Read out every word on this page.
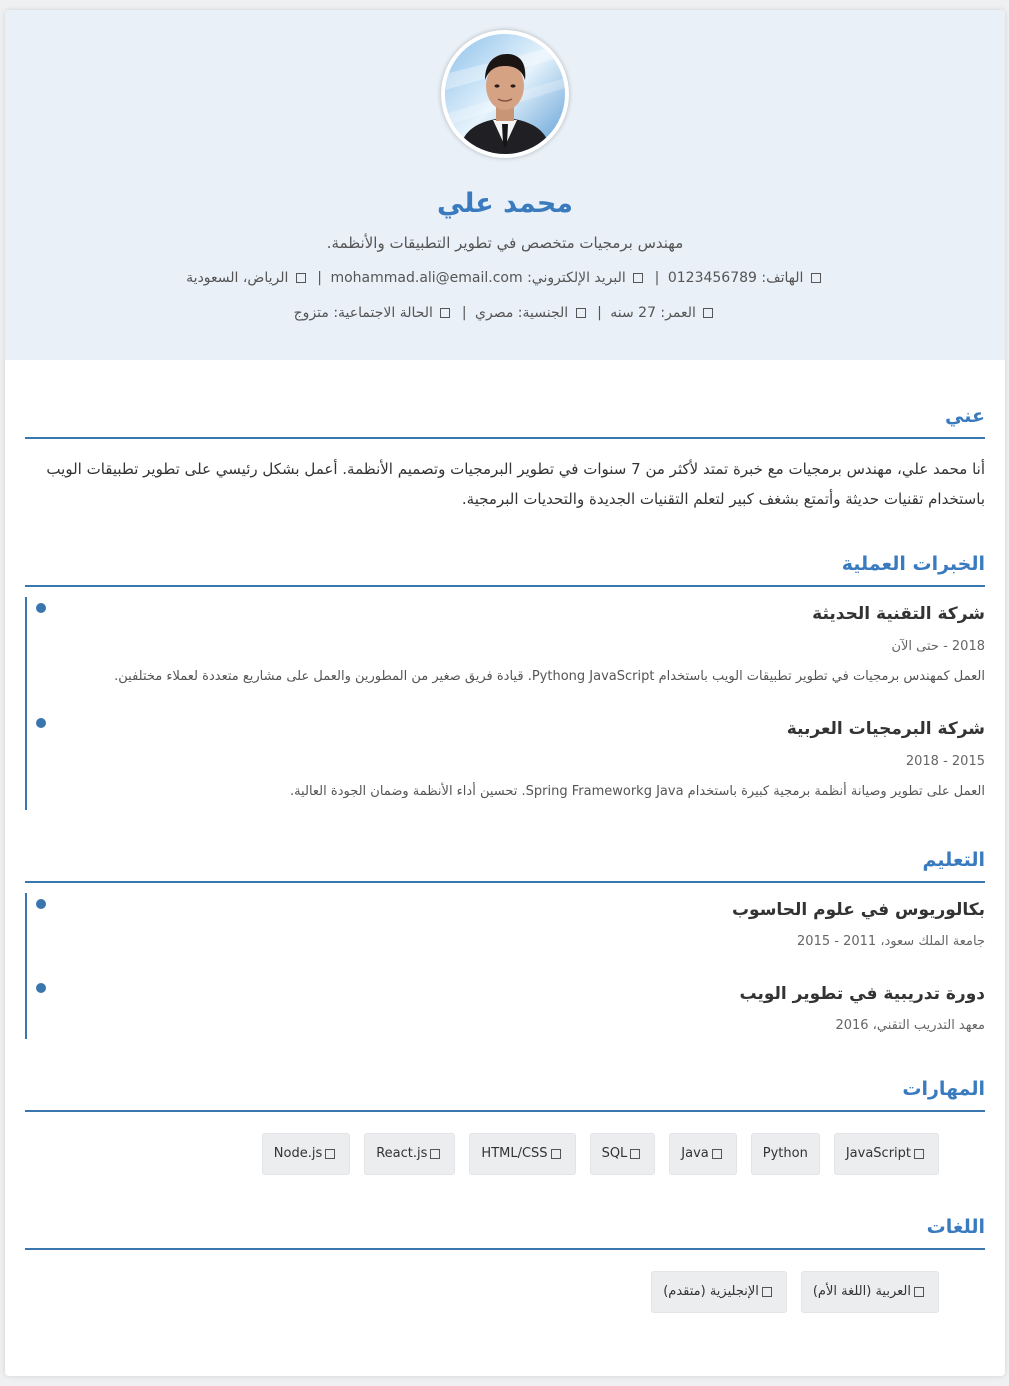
محمد علي
مهندس برمجيات متخصص في تطوير التطبيقات والأنظمة.
الهاتف: 0123456789 |  البريد الإلكتروني: mohammad.ali@email.com |  الرياض، السعودية
العمر: 27 سنه |  الجنسية: مصري |  الحالة الاجتماعية: متزوج
عني
أنا محمد علي، مهندس برمجيات مع خبرة تمتد لأكثر من 7 سنوات في تطوير البرمجيات وتصميم الأنظمة. أعمل بشكل رئيسي على تطوير تطبيقات الويب باستخدام تقنيات حديثة وأتمتع بشغف كبير لتعلم التقنيات الجديدة والتحديات البرمجية.
الخبرات العملية
شركة التقنية الحديثة
2018 - حتى الآن
العمل كمهندس برمجيات في تطوير تطبيقات الويب باستخدام Pythong JavaScript. قيادة فريق صغير من المطورين والعمل على مشاريع متعددة لعملاء مختلفين.
شركة البرمجيات العربية
2015 - 2018
العمل على تطوير وصيانة أنظمة برمجية كبيرة باستخدام Spring Frameworkg Java. تحسين أداء الأنظمة وضمان الجودة العالية.
التعليم
بكالوريوس في علوم الحاسوب
جامعة الملك سعود، 2011 - 2015
دورة تدريبية في تطوير الويب
معهد التدريب التقني، 2016
المهارات
JavaScript
Python
Java
SQL
HTML/CSS
React.js
Node.js
اللغات
العربية (اللغة الأم)
الإنجليزية (متقدم)
